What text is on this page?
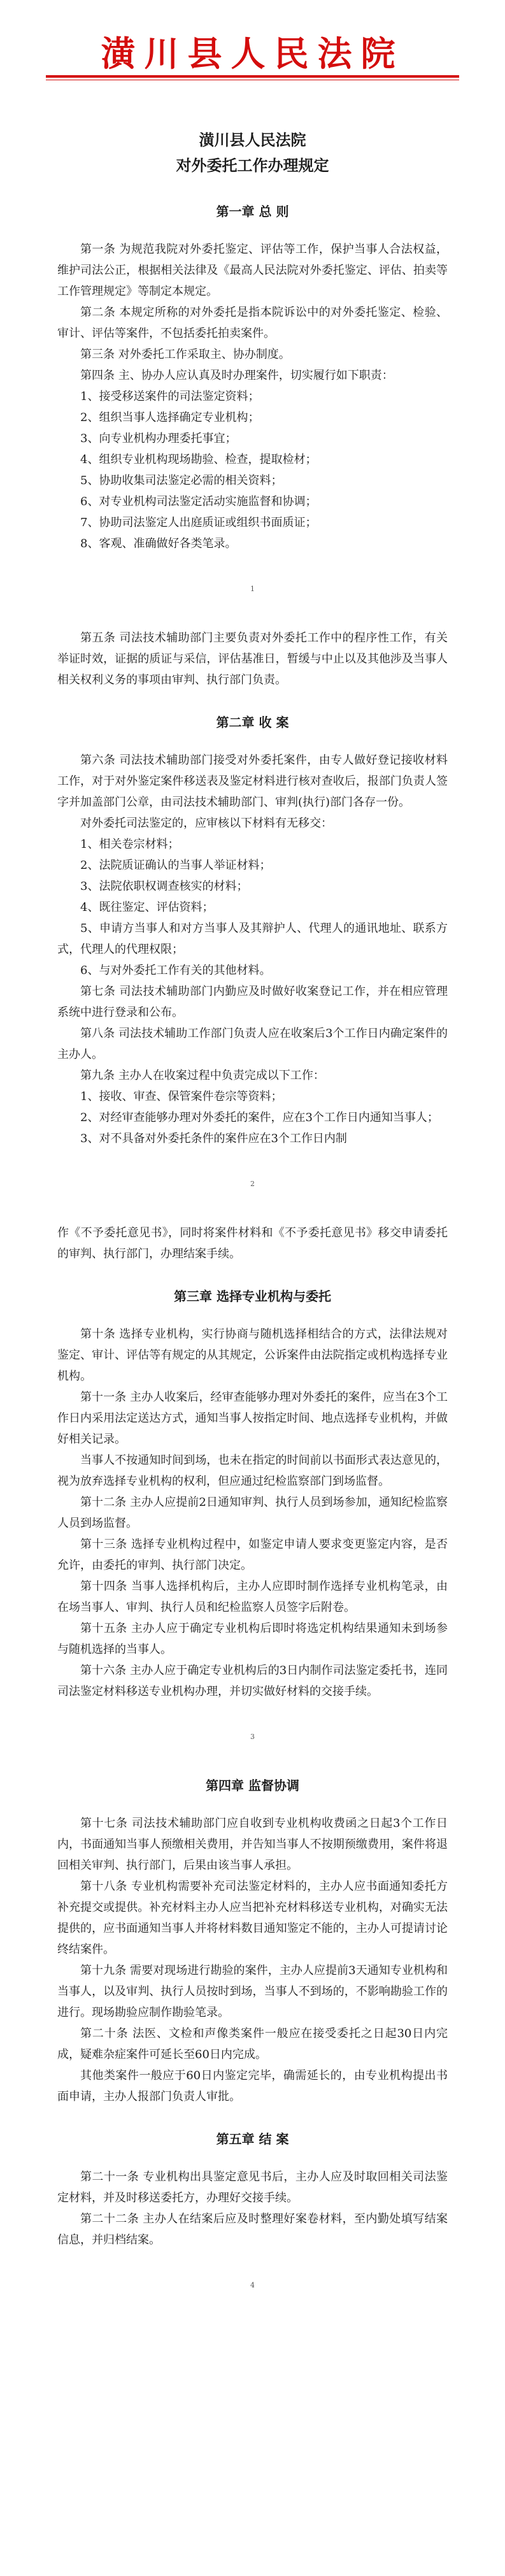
潢川县人民法院
潢川县人民法院
对外委托工作办理规定
第一章 总 则

第一条 为规范我院对外委托鉴定、评估等工作，保护当事人合法权益，维护司法公正，根据相关法律及《最高人民法院对外委托鉴定、评估、拍卖等工作管理规定》等制定本规定。

第二条 本规定所称的对外委托是指本院诉讼中的对外委托鉴定、检验、审计、评估等案件，不包括委托拍卖案件。

第三条 对外委托工作采取主、协办制度。

第四条 主、协办人应认真及时办理案件，切实履行如下职责：

1、接受移送案件的司法鉴定资料；
2、组织当事人选择确定专业机构；
3、向专业机构办理委托事宜；
4、组织专业机构现场勘验、检查，提取检材；
5、协助收集司法鉴定必需的相关资料；
6、对专业机构司法鉴定活动实施监督和协调；
7、协助司法鉴定人出庭质证或组织书面质证；
8、客观、准确做好各类笔录。
1

第五条 司法技术辅助部门主要负责对外委托工作中的程序性工作，有关举证时效，证据的质证与采信，评估基准日，暂缓与中止以及其他涉及当事人相关权利义务的事项由审判、执行部门负责。

第二章 收 案

第六条 司法技术辅助部门接受对外委托案件，由专人做好登记接收材料工作，对于对外鉴定案件移送表及鉴定材料进行核对查收后，报部门负责人签字并加盖部门公章，由司法技术辅助部门、审判(执行)部门各存一份。

对外委托司法鉴定的，应审核以下材料有无移交：

1、相关卷宗材料；
2、法院质证确认的当事人举证材料；
3、法院依职权调查核实的材料；
4、既往鉴定、评估资料；

5、申请方当事人和对方当事人及其辩护人、代理人的通讯地址、联系方式，代理人的代理权限；

6、与对外委托工作有关的其他材料。

第七条 司法技术辅助部门内勤应及时做好收案登记工作，并在相应管理系统中进行登录和公布。

第八条 司法技术辅助工作部门负责人应在收案后3个工作日内确定案件的主办人。

第九条 主办人在收案过程中负责完成以下工作：

1、接收、审查、保管案件卷宗等资料；

2、对经审查能够办理对外委托的案件，应在3个工作日内通知当事人；

3、对不具备对外委托条件的案件应在3个工作日内制

2

作《不予委托意见书》，同时将案件材料和《不予委托意见书》移交申请委托的审判、执行部门，办理结案手续。

第三章 选择专业机构与委托

第十条 选择专业机构，实行协商与随机选择相结合的方式，法律法规对鉴定、审计、评估等有规定的从其规定，公诉案件由法院指定或机构选择专业机构。

第十一条 主办人收案后，经审查能够办理对外委托的案件，应当在3个工作日内采用法定送达方式，通知当事人按指定时间、地点选择专业机构，并做好相关记录。

当事人不按通知时间到场，也未在指定的时间前以书面形式表达意见的，视为放弃选择专业机构的权利，但应通过纪检监察部门到场监督。

第十二条 主办人应提前2日通知审判、执行人员到场参加，通知纪检监察人员到场监督。

第十三条 选择专业机构过程中，如鉴定申请人要求变更鉴定内容，是否允许，由委托的审判、执行部门决定。

第十四条 当事人选择机构后，主办人应即时制作选择专业机构笔录，由在场当事人、审判、执行人员和纪检监察人员签字后附卷。

第十五条 主办人应于确定专业机构后即时将选定机构结果通知未到场参与随机选择的当事人。

第十六条 主办人应于确定专业机构后的3日内制作司法鉴定委托书，连同司法鉴定材料移送专业机构办理，并切实做好材料的交接手续。

3
第四章 监督协调

第十七条 司法技术辅助部门应自收到专业机构收费函之日起3个工作日内，书面通知当事人预缴相关费用，并告知当事人不按期预缴费用，案件将退回相关审判、执行部门，后果由该当事人承担。

第十八条 专业机构需要补充司法鉴定材料的，主办人应书面通知委托方补充提交或提供。补充材料主办人应当把补充材料移送专业机构，对确实无法提供的，应书面通知当事人并将材料数目通知鉴定不能的，主办人可提请讨论终结案件。

第十九条 需要对现场进行勘验的案件，主办人应提前3天通知专业机构和当事人，以及审判、执行人员按时到场，当事人不到场的，不影响勘验工作的进行。现场勘验应制作勘验笔录。

第二十条 法医、文检和声像类案件一般应在接受委托之日起30日内完成，疑难杂症案件可延长至60日内完成。

其他类案件一般应于60日内鉴定完毕，确需延长的，由专业机构提出书面申请，主办人报部门负责人审批。

第五章 结 案

第二十一条 专业机构出具鉴定意见书后，主办人应及时取回相关司法鉴定材料，并及时移送委托方，办理好交接手续。

第二十二条 主办人在结案后应及时整理好案卷材料，至内勤处填写结案信息，并归档结案。

4
